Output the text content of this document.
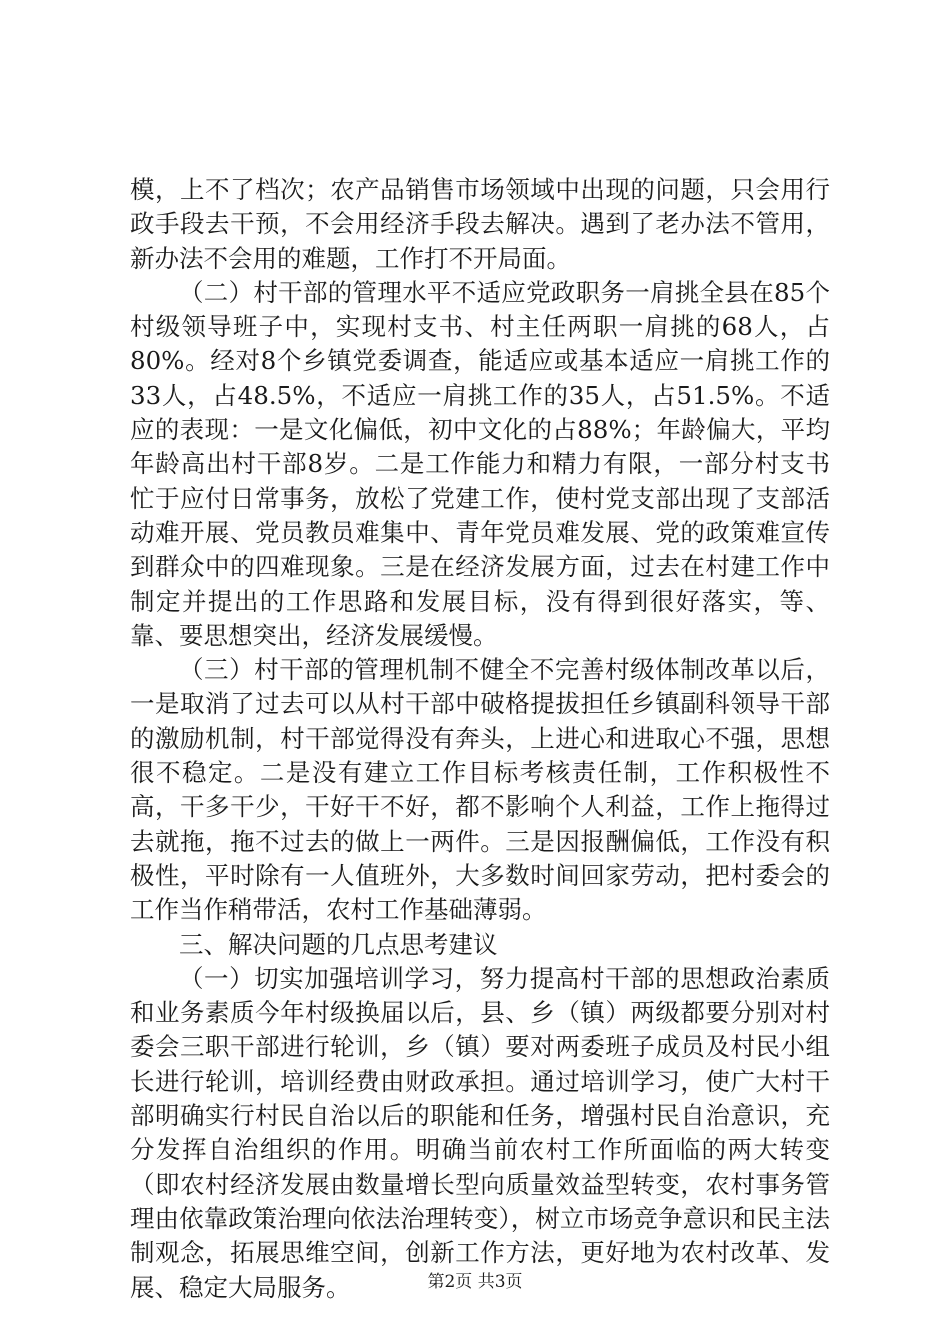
模，上不了档次；农产品销售市场领域中出现的问题，只会用行政手段去干预，不会用经济手段去解决。遇到了老办法不管用，新办法不会用的难题，工作打不开局面。

（二）村干部的管理水平不适应党政职务一肩挑全县在85个村级领导班子中，实现村支书、村主任两职一肩挑的68人，占80%。经对8个乡镇党委调查，能适应或基本适应一肩挑工作的33人，占48.5%，不适应一肩挑工作的35人，占51.5%。不适应的表现：一是文化偏低，初中文化的占88%；年龄偏大，平均年龄高出村干部8岁。二是工作能力和精力有限，一部分村支书忙于应付日常事务，放松了党建工作，使村党支部出现了支部活动难开展、党员教员难集中、青年党员难发展、党的政策难宣传到群众中的四难现象。三是在经济发展方面，过去在村建工作中制定并提出的工作思路和发展目标，没有得到很好落实，等、靠、要思想突出，经济发展缓慢。

（三）村干部的管理机制不健全不完善村级体制改革以后，一是取消了过去可以从村干部中破格提拔担任乡镇副科领导干部的激励机制，村干部觉得没有奔头，上进心和进取心不强，思想很不稳定。二是没有建立工作目标考核责任制，工作积极性不高，干多干少，干好干不好，都不影响个人利益，工作上拖得过去就拖，拖不过去的做上一两件。三是因报酬偏低，工作没有积极性，平时除有一人值班外，大多数时间回家劳动，把村委会的工作当作稍带活，农村工作基础薄弱。

三、解决问题的几点思考建议

（一）切实加强培训学习，努力提高村干部的思想政治素质和业务素质今年村级换届以后，县、乡（镇）两级都要分别对村委会三职干部进行轮训，乡（镇）要对两委班子成员及村民小组长进行轮训，培训经费由财政承担。通过培训学习，使广大村干部明确实行村民自治以后的职能和任务，增强村民自治意识，充分发挥自治组织的作用。明确当前农村工作所面临的两大转变（即农村经济发展由数量增长型向质量效益型转变，农村事务管理由依靠政策治理向依法治理转变），树立市场竞争意识和民主法制观念，拓展思维空间，创新工作方法，更好地为农村改革、发展、稳定大局服务。	第2页 共3页
